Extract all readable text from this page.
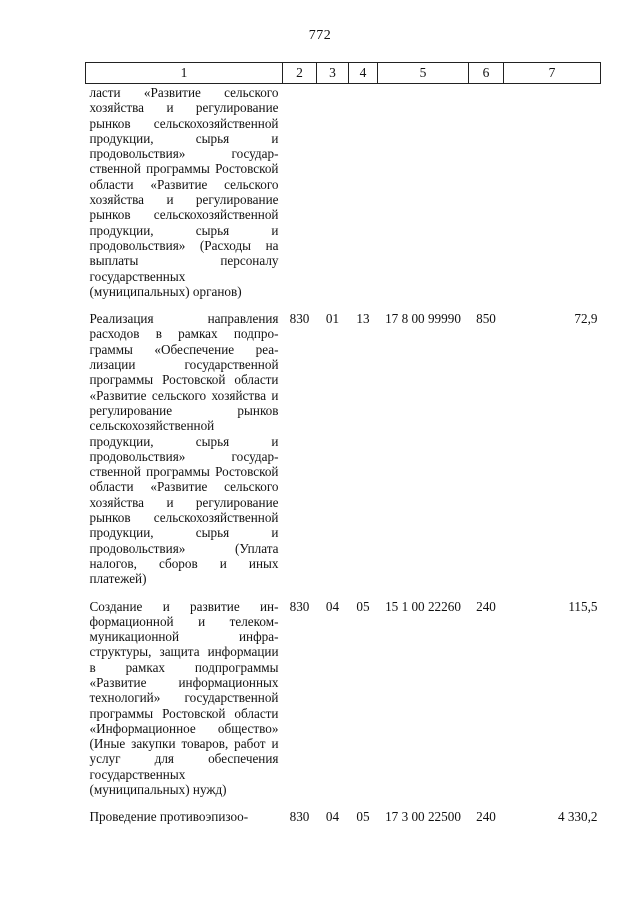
772
1	2	3	4	5	6	7
ласти «Развитие сельского хозяйства и регулирование рынков сельскохозяйственной продукции, сырья и продовольствия» государственной программы Ростовской области «Развитие сельского хозяйства и регулирование рынков сельскохозяйственной продукции, сырья и продовольствия» (Расходы на выплаты персоналу государственных (муниципальных) органов)						
Реализация направления расходов в рамках подпрограммы «Обеспечение реализации государственной программы Ростовской области «Развитие сельского хозяйства и регулирование рынков сельскохозяйственной продукции, сырья и продовольствия» государственной программы Ростовской области «Развитие сельского хозяйства и регулирование рынков сельскохозяйственной продукции, сырья и продовольствия» (Уплата налогов, сборов и иных платежей)	830	01	13	17 8 00 99990	850	72,9
Создание и развитие информационной и телекоммуникационной инфраструктуры, защита информации в рамках подпрограммы «Развитие информационных технологий» государственной программы Ростовской области «Информационное общество» (Иные закупки товаров, работ и услуг для обеспечения государственных (муниципальных) нужд)	830	04	05	15 1 00 22260	240	115,5
Проведение противоэпизоо-	830	04	05	17 3 00 22500	240	4 330,2
